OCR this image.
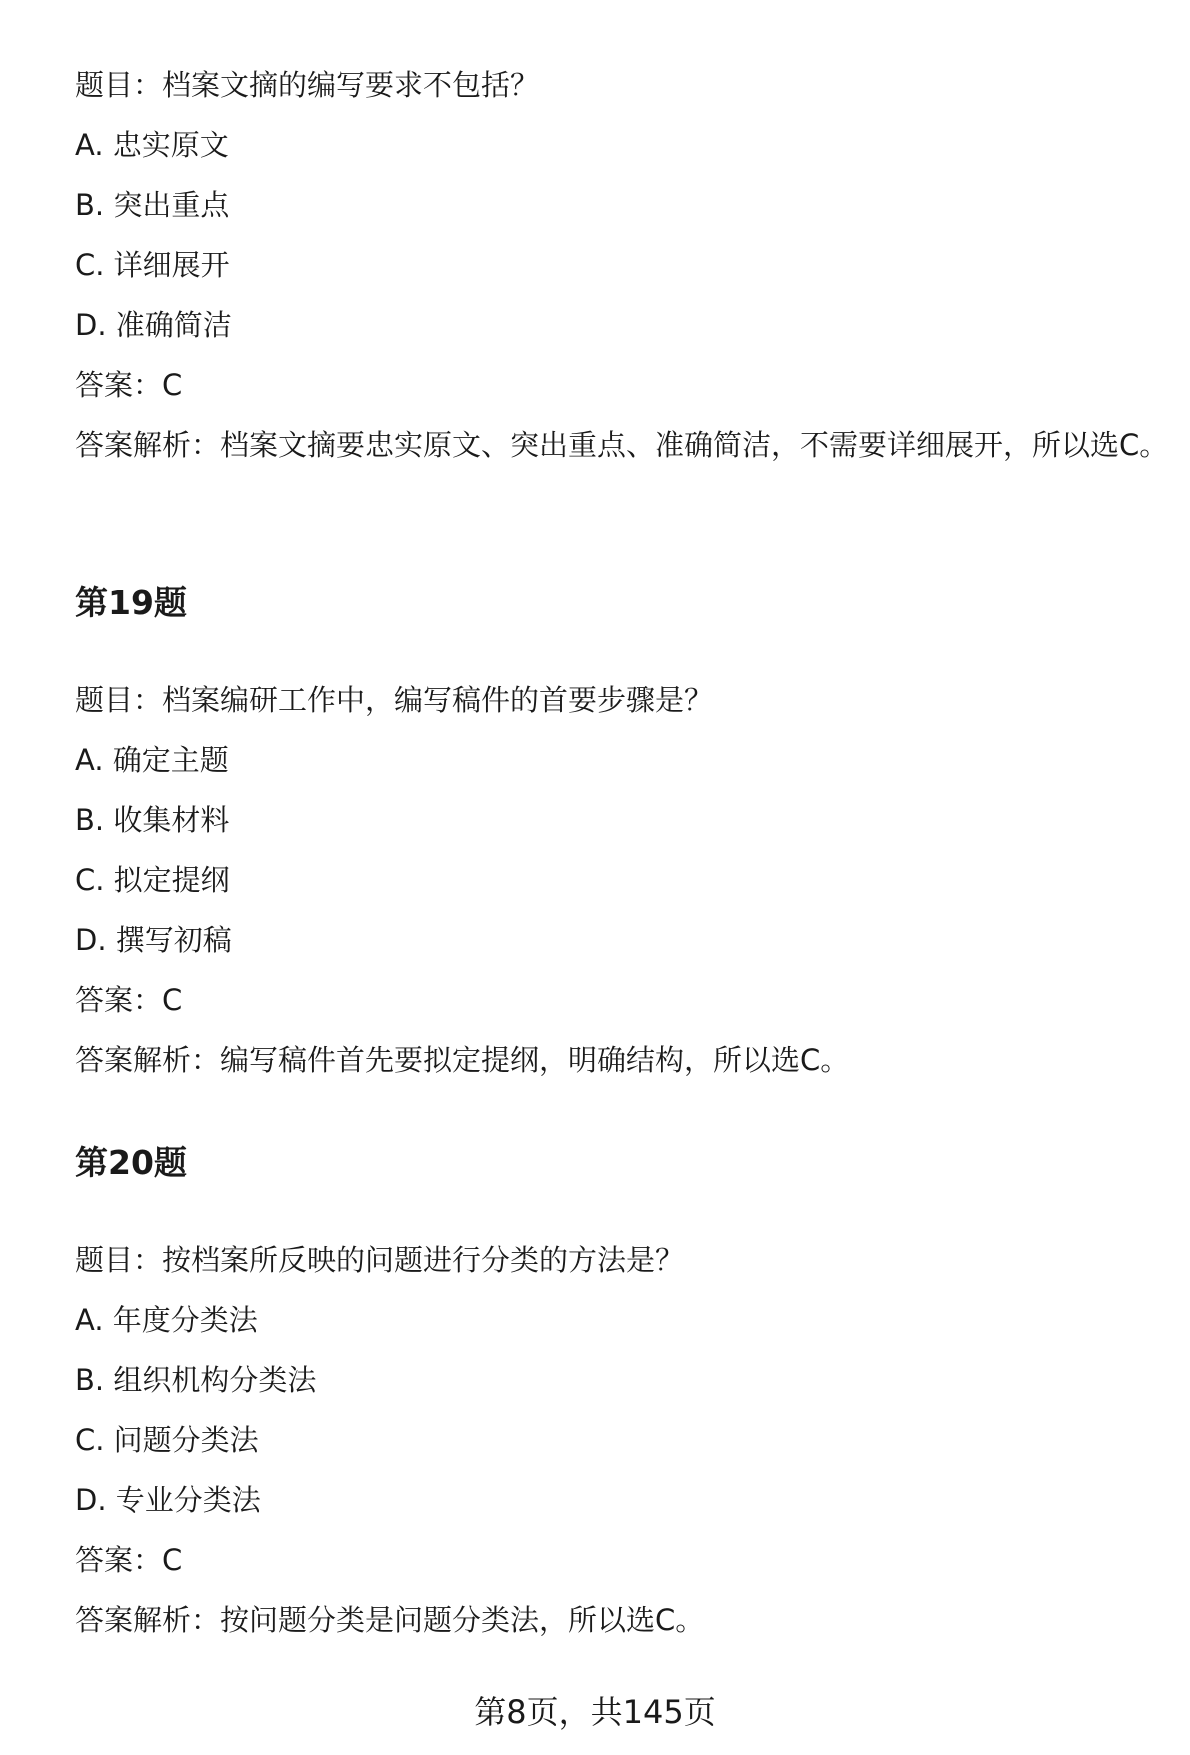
题目：档案文摘的编写要求不包括？
A. 忠实原文
B. 突出重点
C. 详细展开
D. 准确简洁
答案：C
答案解析：档案文摘要忠实原文、突出重点、准确简洁，不需要详细展开，所以选C。
第19题
题目：档案编研工作中，编写稿件的首要步骤是？
A. 确定主题
B. 收集材料
C. 拟定提纲
D. 撰写初稿
答案：C
答案解析：编写稿件首先要拟定提纲，明确结构，所以选C。
第20题
题目：按档案所反映的问题进行分类的方法是？
A. 年度分类法
B. 组织机构分类法
C. 问题分类法
D. 专业分类法
答案：C
答案解析：按问题分类是问题分类法，所以选C。
第8页，共145页
